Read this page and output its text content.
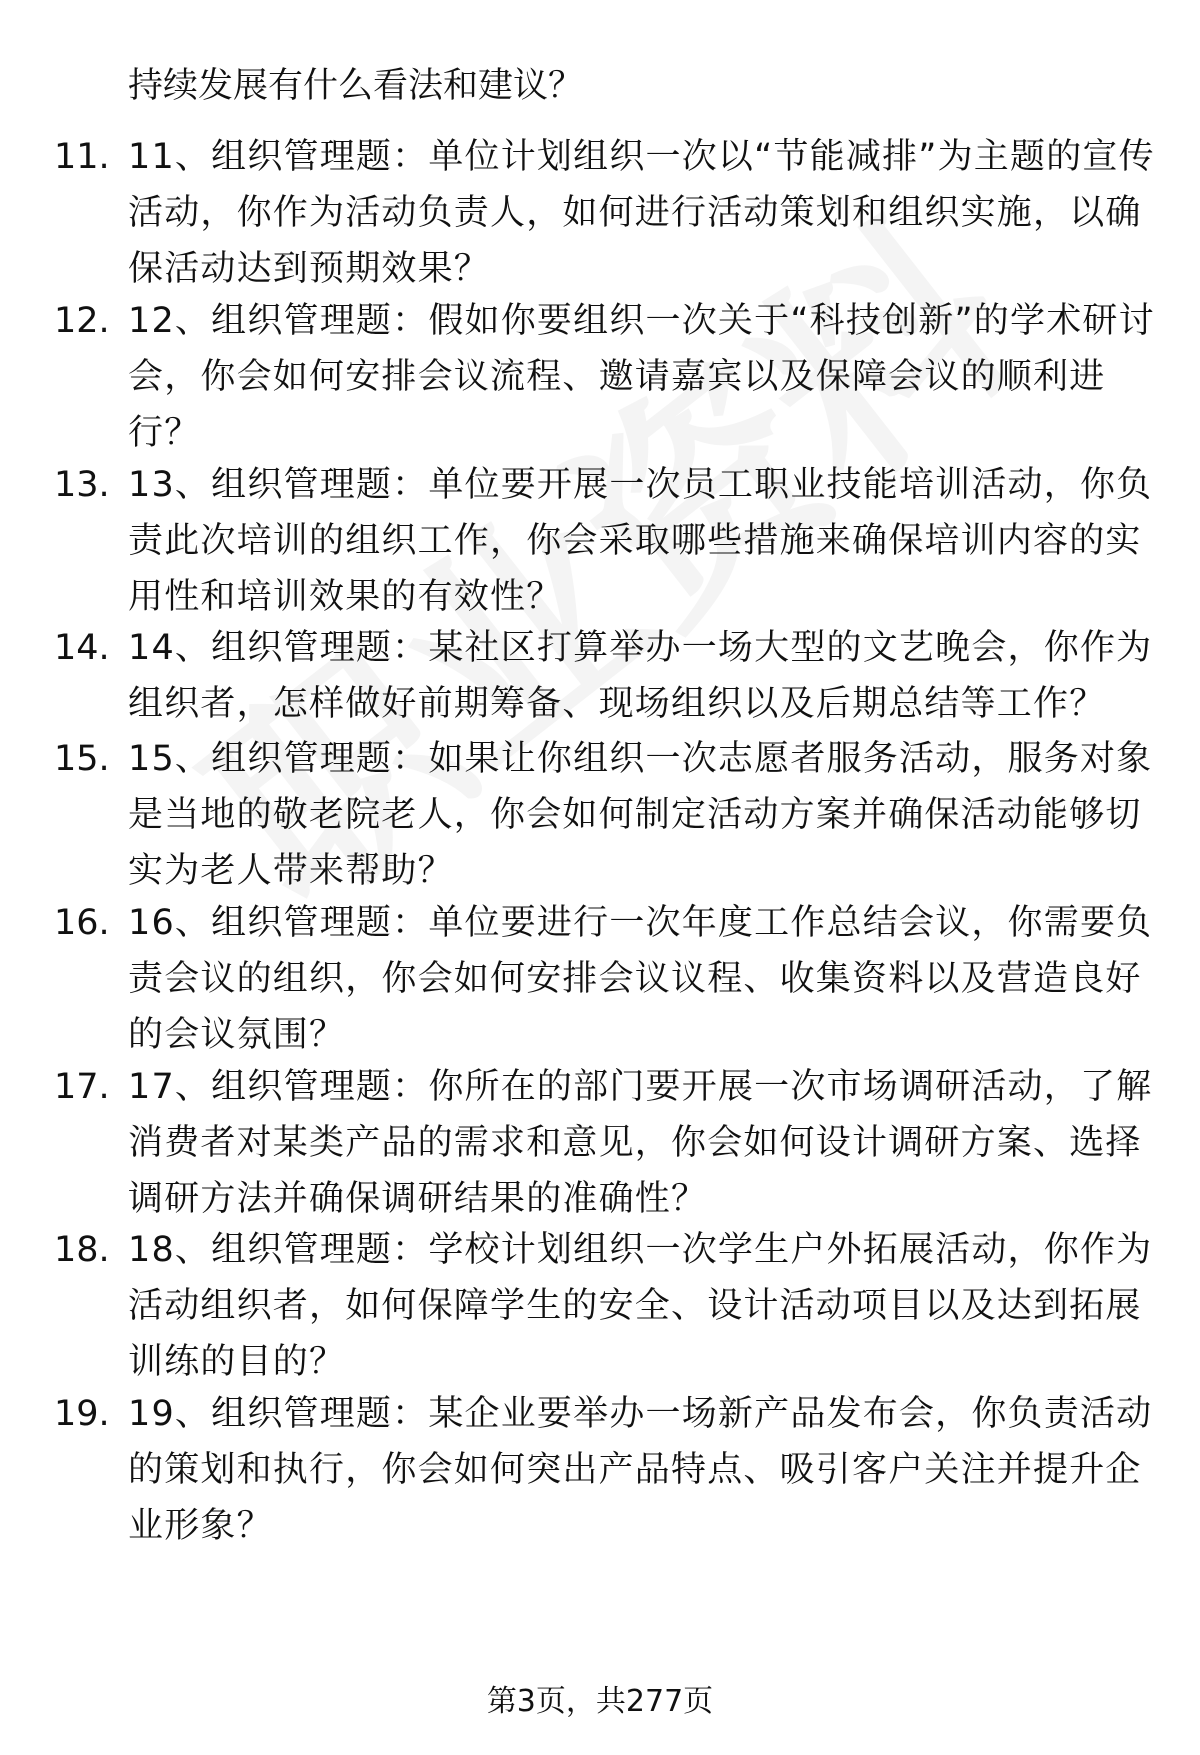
持续发展有什么看法和建议？
11. 11、组织管理题：单位计划组织一次以“节能减排”为主题的宣传活动，你作为活动负责人，如何进行活动策划和组织实施，以确保活动达到预期效果？
12. 12、组织管理题：假如你要组织一次关于“科技创新”的学术研讨会，你会如何安排会议流程、邀请嘉宾以及保障会议的顺利进行？
13. 13、组织管理题：单位要开展一次员工职业技能培训活动，你负责此次培训的组织工作，你会采取哪些措施来确保培训内容的实用性和培训效果的有效性？
14. 14、组织管理题：某社区打算举办一场大型的文艺晚会，你作为组织者，怎样做好前期筹备、现场组织以及后期总结等工作？
15. 15、组织管理题：如果让你组织一次志愿者服务活动，服务对象是当地的敬老院老人，你会如何制定活动方案并确保活动能够切实为老人带来帮助？
16. 16、组织管理题：单位要进行一次年度工作总结会议，你需要负责会议的组织，你会如何安排会议议程、收集资料以及营造良好的会议氛围？
17. 17、组织管理题：你所在的部门要开展一次市场调研活动，了解消费者对某类产品的需求和意见，你会如何设计调研方案、选择调研方法并确保调研结果的准确性？
18. 18、组织管理题：学校计划组织一次学生户外拓展活动，你作为活动组织者，如何保障学生的安全、设计活动项目以及达到拓展训练的目的？
19. 19、组织管理题：某企业要举办一场新产品发布会，你负责活动的策划和执行，你会如何突出产品特点、吸引客户关注并提升企业形象？
第3页，共277页
